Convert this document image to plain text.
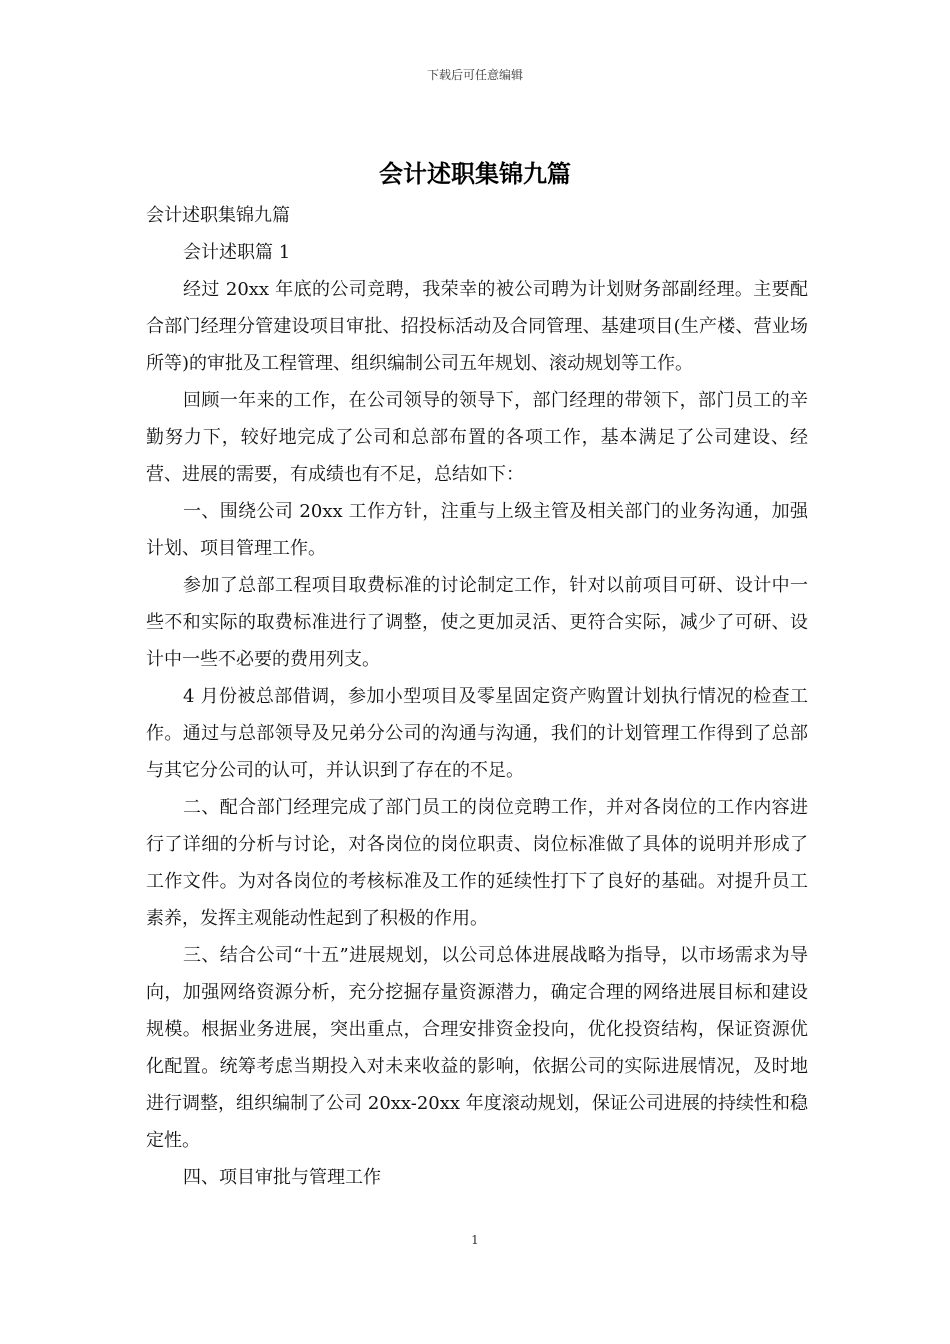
下载后可任意编辑
会计述职集锦九篇

会计述职集锦九篇

会计述职篇 1

经过 20xx 年底的公司竞聘，我荣幸的被公司聘为计划财务部副经理。主要配合部门经理分管建设项目审批、招投标活动及合同管理、基建项目(生产楼、营业场所等)的审批及工程管理、组织编制公司五年规划、滚动规划等工作。

回顾一年来的工作，在公司领导的领导下，部门经理的带领下，部门员工的辛勤努力下，较好地完成了公司和总部布置的各项工作，基本满足了公司建设、经营、进展的需要，有成绩也有不足，总结如下：

一、围绕公司 20xx 工作方针，注重与上级主管及相关部门的业务沟通，加强计划、项目管理工作。

参加了总部工程项目取费标准的讨论制定工作，针对以前项目可研、设计中一些不和实际的取费标准进行了调整，使之更加灵活、更符合实际，减少了可研、设计中一些不必要的费用列支。

4 月份被总部借调，参加小型项目及零星固定资产购置计划执行情况的检查工作。通过与总部领导及兄弟分公司的沟通与沟通，我们的计划管理工作得到了总部与其它分公司的认可，并认识到了存在的不足。

二、配合部门经理完成了部门员工的岗位竞聘工作，并对各岗位的工作内容进行了详细的分析与讨论，对各岗位的岗位职责、岗位标准做了具体的说明并形成了工作文件。为对各岗位的考核标准及工作的延续性打下了良好的基础。对提升员工素养，发挥主观能动性起到了积极的作用。

三、结合公司“十五”进展规划，以公司总体进展战略为指导，以市场需求为导向，加强网络资源分析，充分挖掘存量资源潜力，确定合理的网络进展目标和建设规模。根据业务进展，突出重点，合理安排资金投向，优化投资结构，保证资源优化配置。统筹考虑当期投入对未来收益的影响，依据公司的实际进展情况，及时地进行调整，组织编制了公司 20xx-20xx 年度滚动规划，保证公司进展的持续性和稳定性。

四、项目审批与管理工作

1
